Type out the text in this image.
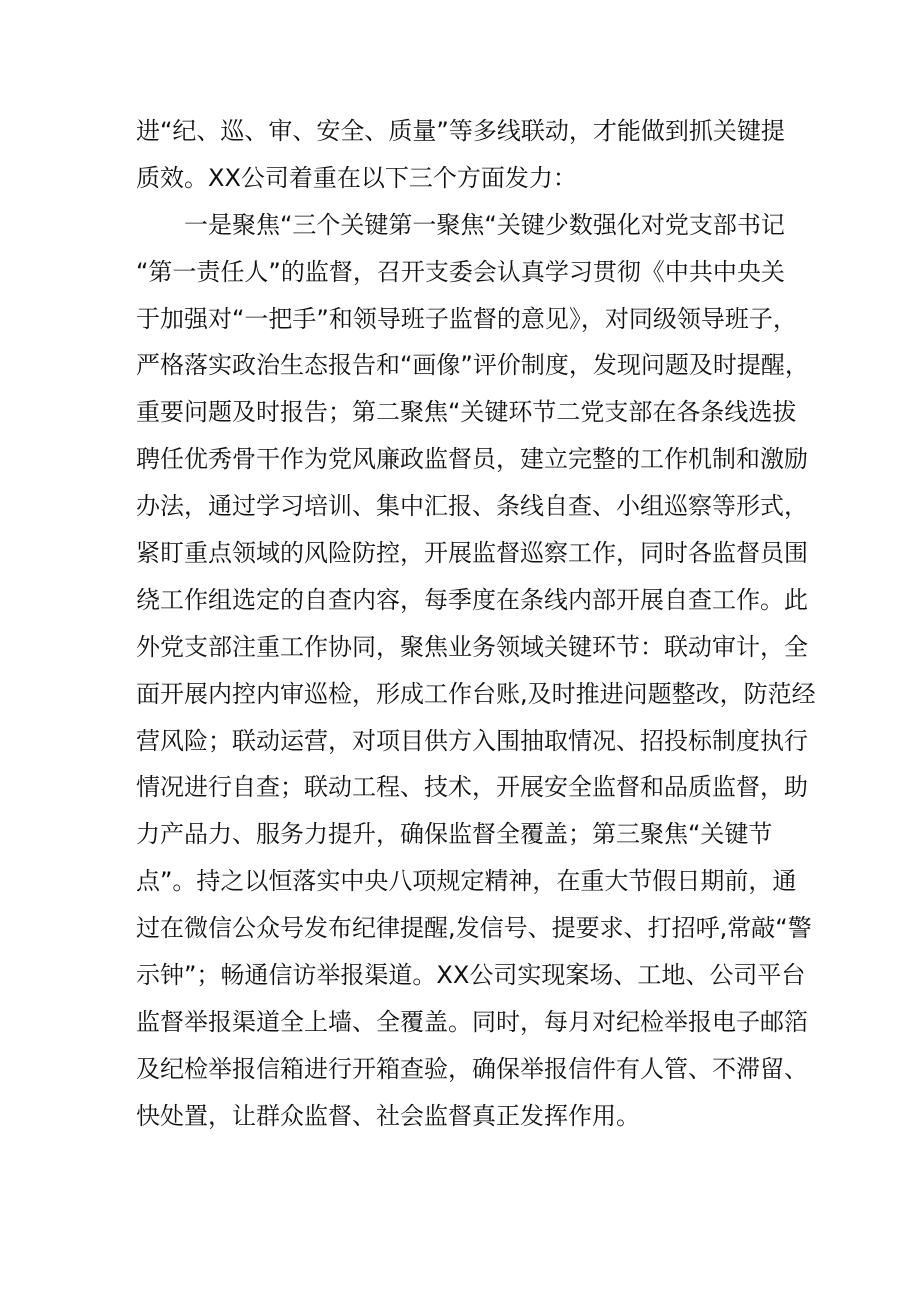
进“纪、巡、审、安全、质量”等多线联动，才能做到抓关键提
质效。XX公司着重在以下三个方面发力：
一是聚焦“三个关键第一聚焦“关键少数强化对党支部书记
“第一责任人”的监督，召开支委会认真学习贯彻《中共中央关
于加强对“一把手”和领导班子监督的意见》，对同级领导班子，
严格落实政治生态报告和“画像”评价制度，发现问题及时提醒，
重要问题及时报告；第二聚焦“关键环节二党支部在各条线选拔
聘任优秀骨干作为党风廉政监督员，建立完整的工作机制和激励
办法，通过学习培训、集中汇报、条线自查、小组巡察等形式，
紧盯重点领域的风险防控，开展监督巡察工作，同时各监督员围
绕工作组选定的自查内容，每季度在条线内部开展自查工作。此
外党支部注重工作协同，聚焦业务领域关键环节：联动审计，全
面开展内控内审巡检，形成工作台账,及时推进问题整改，防范经
营风险；联动运营，对项目供方入围抽取情况、招投标制度执行
情况进行自查；联动工程、技术，开展安全监督和品质监督，助
力产品力、服务力提升，确保监督全覆盖；第三聚焦“关键节
点”。持之以恒落实中央八项规定精神，在重大节假日期前，通
过在微信公众号发布纪律提醒,发信号、提要求、打招呼,常敲“警
示钟”；畅通信访举报渠道。XX公司实现案场、工地、公司平台
监督举报渠道全上墙、全覆盖。同时，每月对纪检举报电子邮箔
及纪检举报信箱进行开箱查验，确保举报信件有人管、不滞留、
快处置，让群众监督、社会监督真正发挥作用。
